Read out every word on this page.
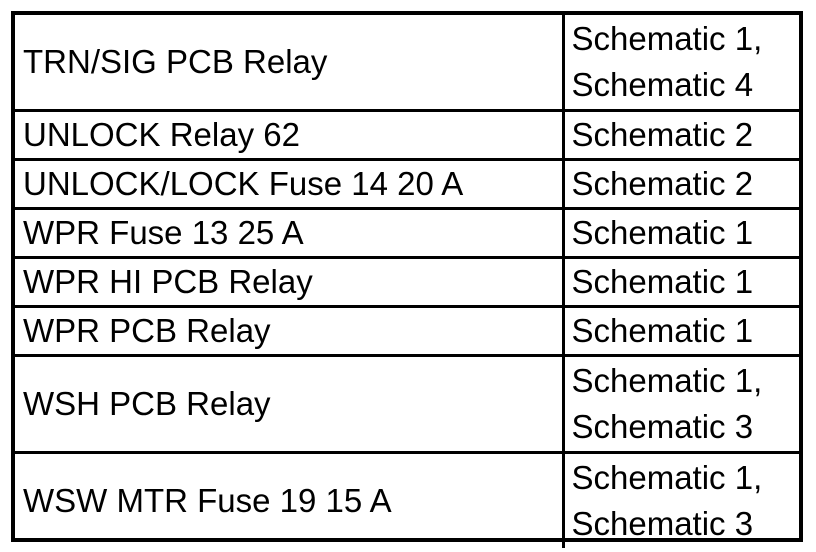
TRN/SIG PCB Relay	Schematic 1,
Schematic 4

UNLOCK Relay 62	Schematic 2

UNLOCK/LOCK Fuse 14 20 A	Schematic 2

WPR Fuse 13 25 A	Schematic 1

WPR HI PCB Relay	Schematic 1

WPR PCB Relay	Schematic 1

WSH PCB Relay	Schematic 1,
Schematic 3

WSW MTR Fuse 19 15 A	Schematic 1,
Schematic 3
